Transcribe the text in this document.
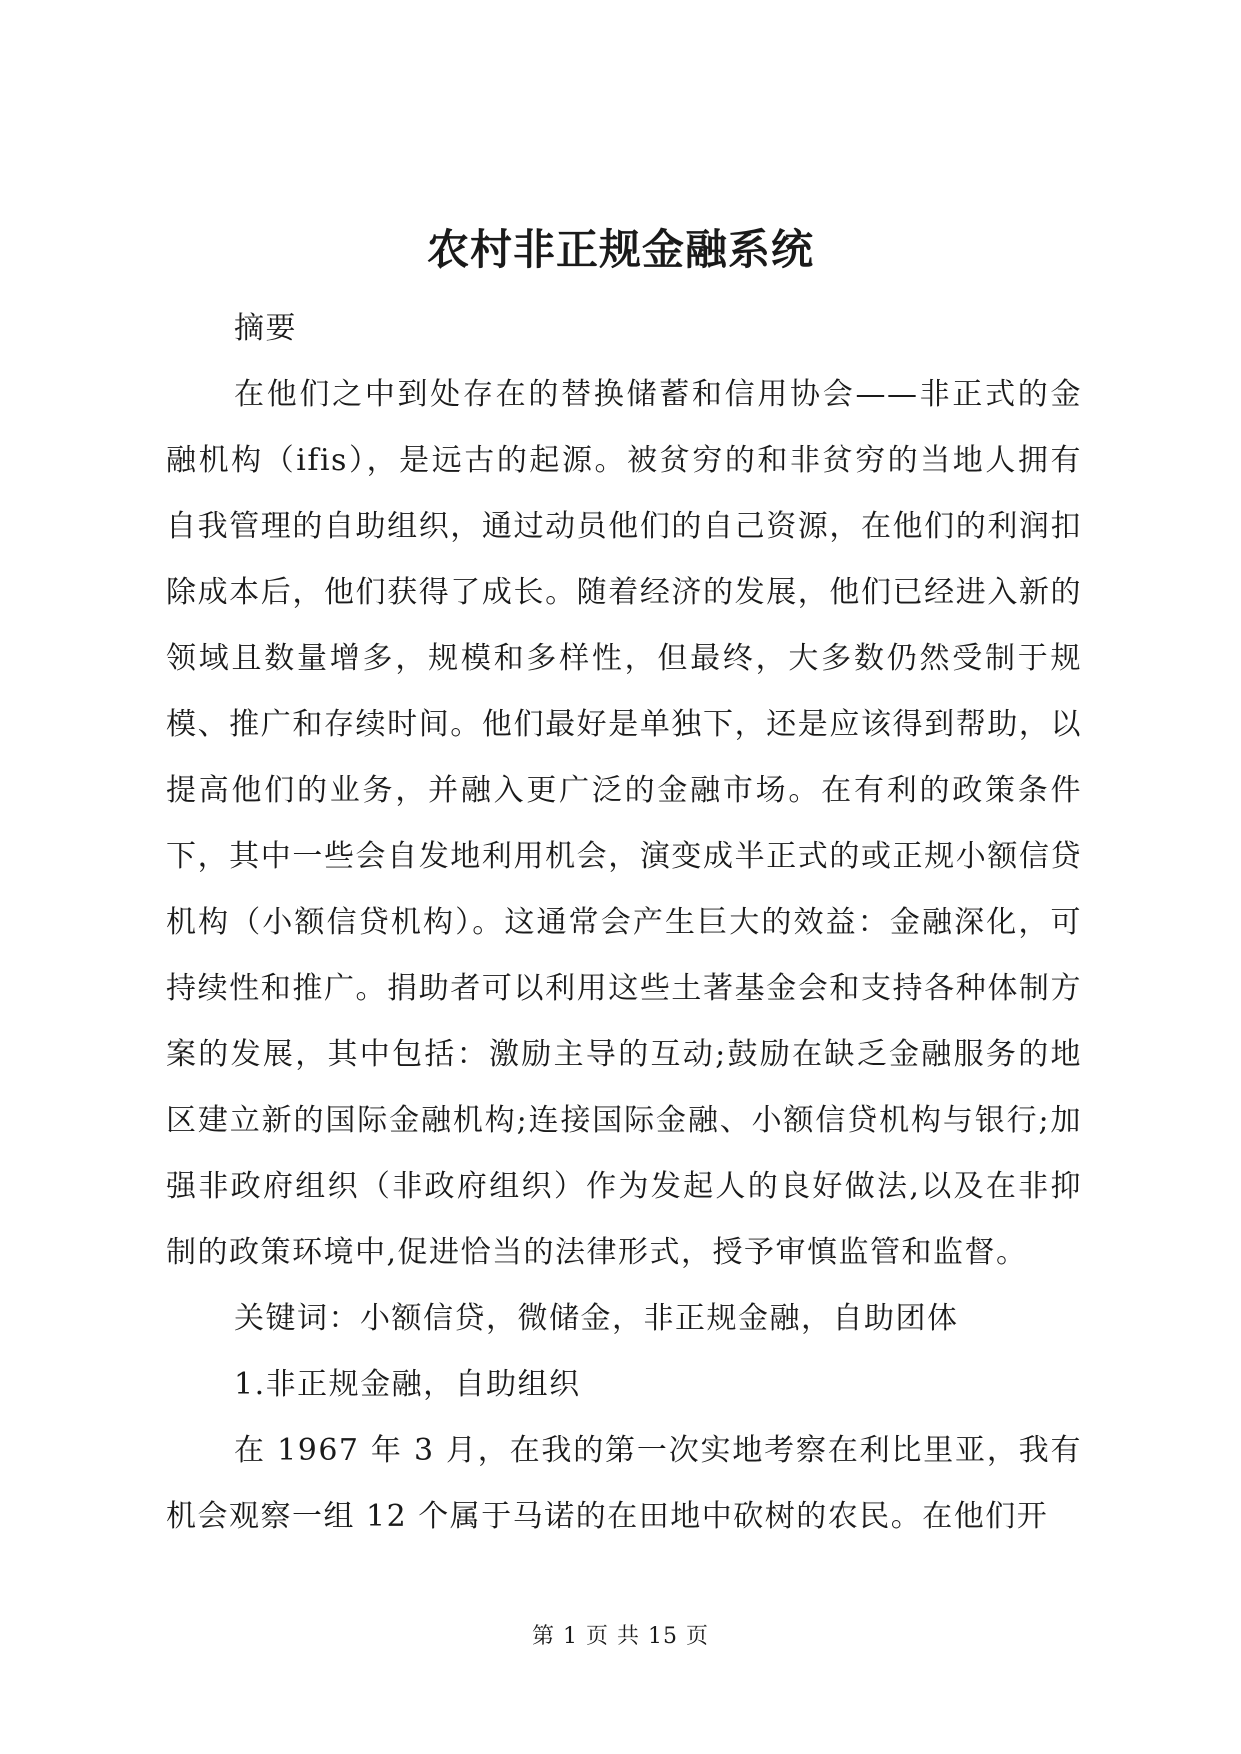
农村非正规金融系统

摘要

在他们之中到处存在的替换储蓄和信用协会——非正式的金融机构（ifis），是远古的起源。被贫穷的和非贫穷的当地人拥有自我管理的自助组织，通过动员他们的自己资源，在他们的利润扣除成本后，他们获得了成长。随着经济的发展，他们已经进入新的领域且数量增多，规模和多样性，但最终，大多数仍然受制于规模、推广和存续时间。他们最好是单独下，还是应该得到帮助，以提高他们的业务，并融入更广泛的金融市场。在有利的政策条件下，其中一些会自发地利用机会，演变成半正式的或正规小额信贷机构（小额信贷机构）。这通常会产生巨大的效益：金融深化，可持续性和推广。捐助者可以利用这些土著基金会和支持各种体制方案的发展，其中包括：激励主导的互动;鼓励在缺乏金融服务的地区建立新的国际金融机构;连接国际金融、小额信贷机构与银行;加强非政府组织（非政府组织）作为发起人的良好做法,以及在非抑制的政策环境中,促进恰当的法律形式，授予审慎监管和监督。

关键词：小额信贷，微储金，非正规金融，自助团体

1.非正规金融，自助组织

在 1967 年 3 月，在我的第一次实地考察在利比里亚，我有机会观察一组 12 个属于马诺的在田地中砍树的农民。在他们开

第 1 页 共 15 页
